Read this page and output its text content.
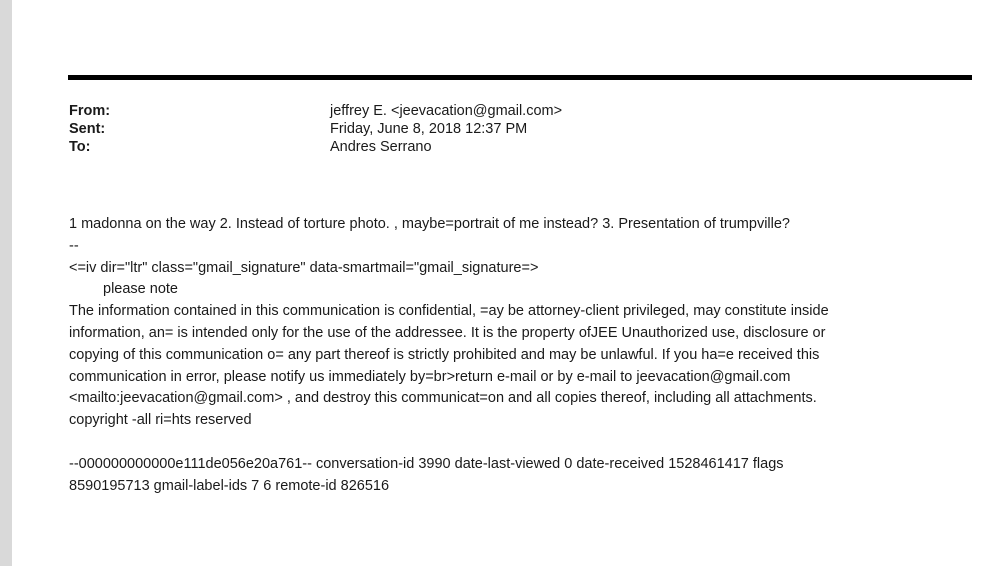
From:	jeffrey E. <jeevacation@gmail.com>
Sent:	Friday, June 8, 2018 12:37 PM
To:	Andres Serrano
1 madonna on the way 2. Instead of torture photo. , maybe=portrait of me instead? 3. Presentation of trumpville?
--
<=iv dir="ltr" class="gmail_signature" data-smartmail="gmail_signature=>
please note
The information contained in this communication is confidential, =ay be attorney-client privileged, may constitute inside
information, an= is intended only for the use of the addressee. It is the property ofJEE Unauthorized use, disclosure or
copying of this communication o= any part thereof is strictly prohibited and may be unlawful. If you ha=e received this
communication in error, please notify us immediately by=br>return e-mail or by e-mail to jeevacation@gmail.com
<mailto:jeevacation@gmail.com> , and destroy this communicat=on and all copies thereof, including all attachments.
copyright -all ri=hts reserved
--000000000000e111de056e20a761-- conversation-id 3990 date-last-viewed 0 date-received 1528461417 flags
8590195713 gmail-label-ids 7 6 remote-id 826516
